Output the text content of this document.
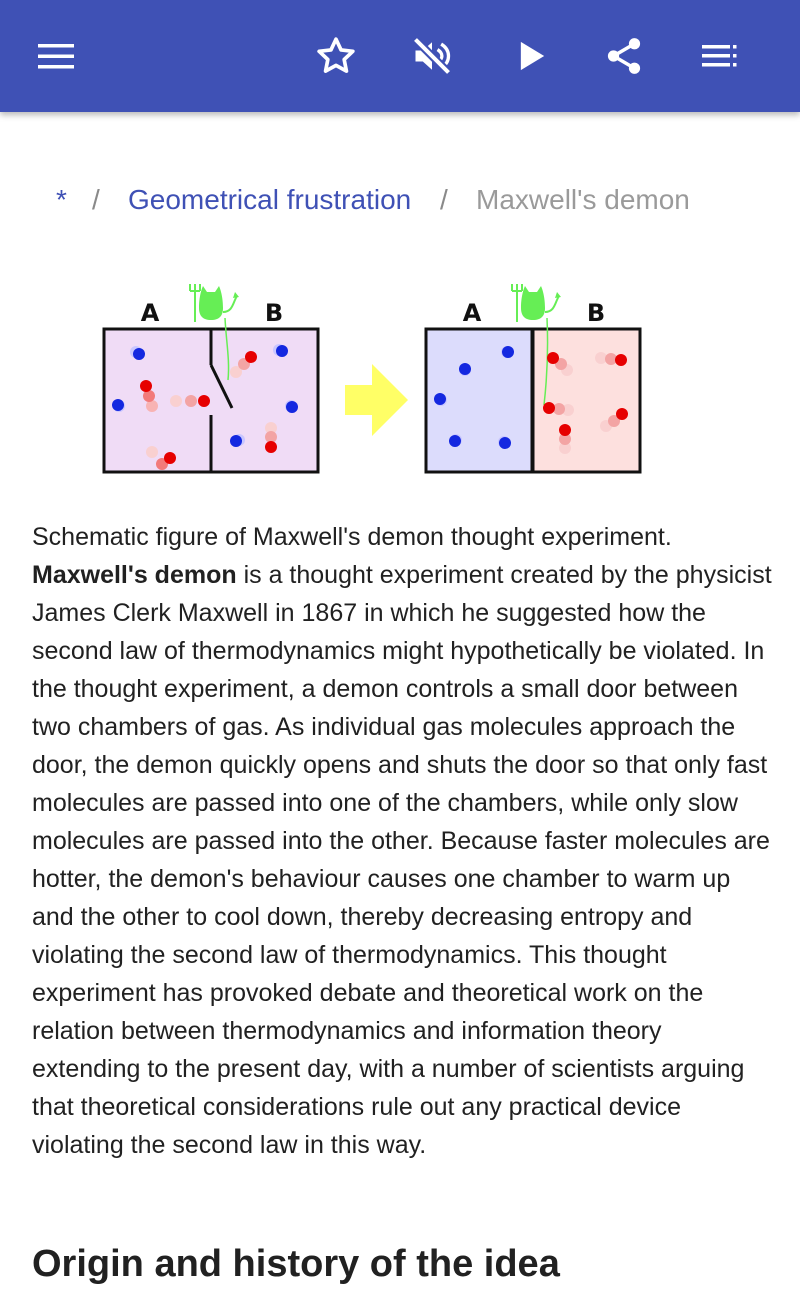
* / Geometrical frustration / Maxwell's demon
A	B	A	B

Schematic figure of Maxwell's demon thought experiment.

Maxwell's demon is a thought experiment created by the physicist James Clerk Maxwell in 1867 in which he suggested how the second law of thermodynamics might hypothetically be violated. In the thought experiment, a demon controls a small door between two chambers of gas. As individual gas molecules approach the door, the demon quickly opens and shuts the door so that only fast molecules are passed into one of the chambers, while only slow molecules are passed into the other. Because faster molecules are hotter, the demon's behaviour causes one chamber to warm up and the other to cool down, thereby decreasing entropy and violating the second law of thermodynamics. This thought experiment has provoked debate and theoretical work on the relation between thermodynamics and information theory extending to the present day, with a number of scientists arguing that theoretical considerations rule out any practical device violating the second law in this way.

Origin and history of the idea
